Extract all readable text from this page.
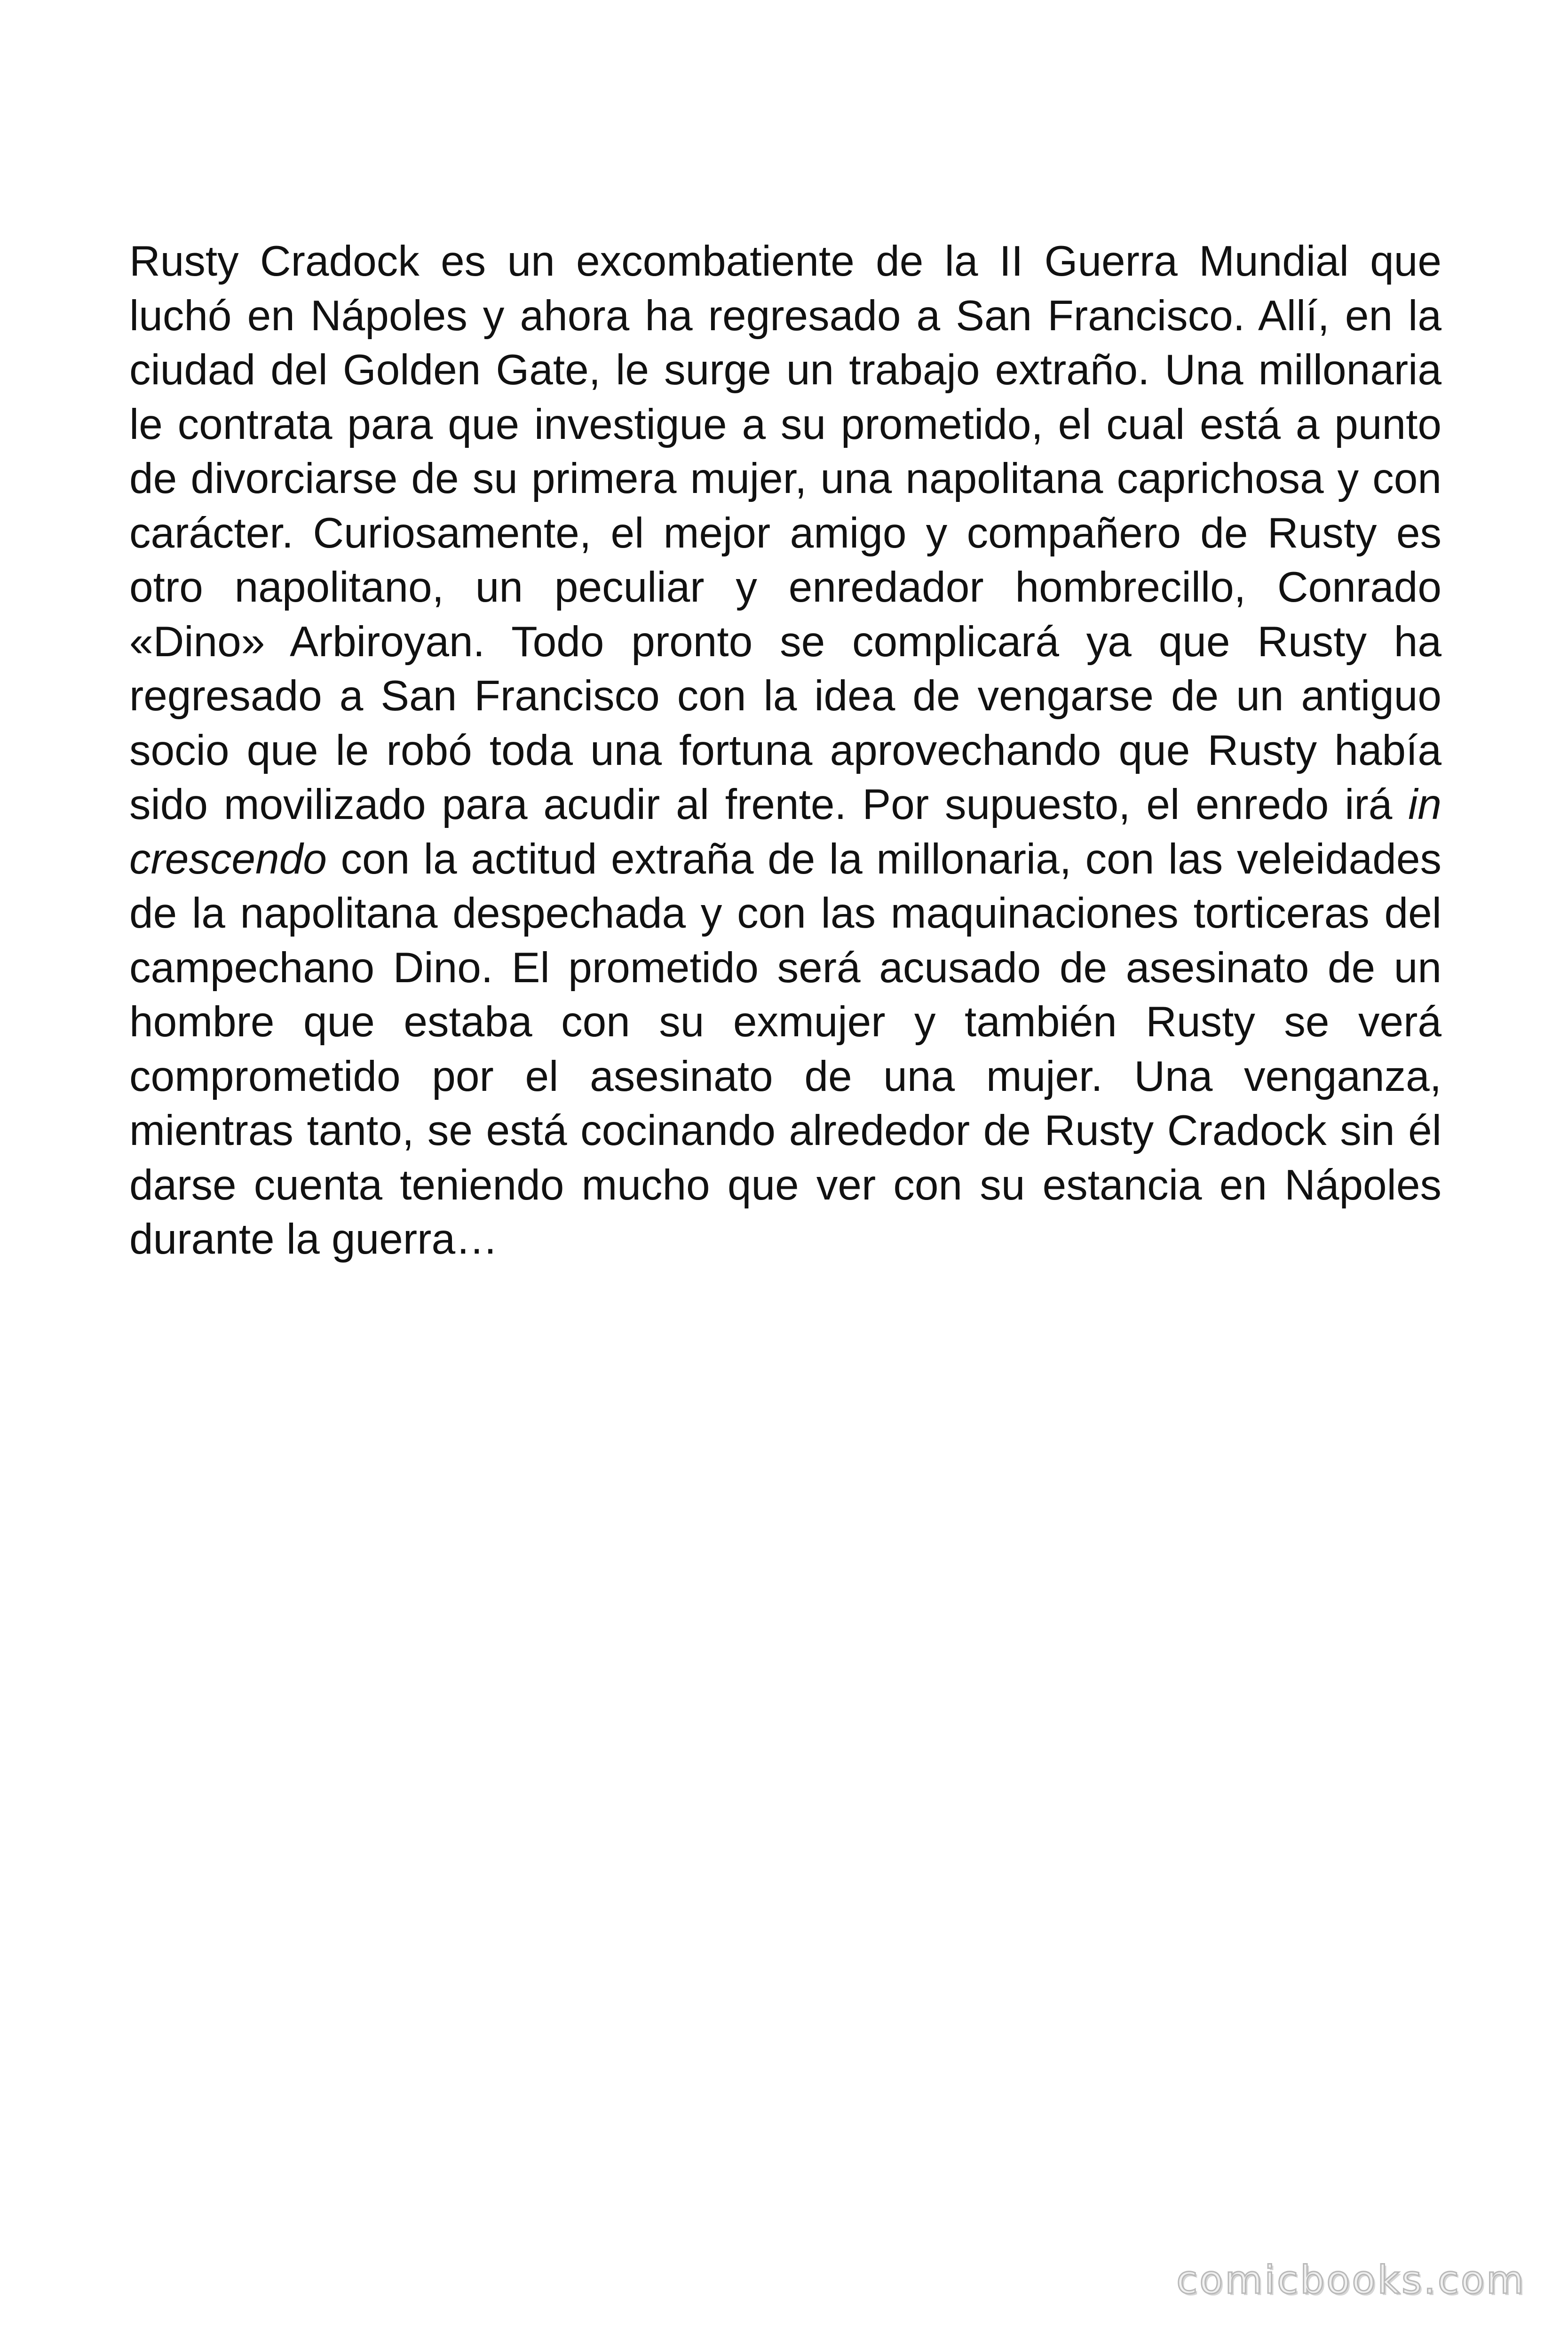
Rusty Cradock es un excombatiente de la II Guerra Mundial que luchó en Nápoles y ahora ha regresado a San Francisco. Allí, en la ciudad del Golden Gate, le surge un trabajo extraño. Una millonaria le contrata para que investigue a su prometido, el cual está a punto de divorciarse de su primera mujer, una napolitana caprichosa y con carácter. Curiosamente, el mejor amigo y compañero de Rusty es otro napolitano, un peculiar y enredador hombrecillo, Conrado «Dino» Arbiroyan. Todo pronto se complicará ya que Rusty ha regresado a San Francisco con la idea de vengarse de un antiguo socio que le robó toda una fortuna aprovechando que Rusty había sido movilizado para acudir al frente. Por supuesto, el enredo irá in crescendo con la actitud extraña de la millonaria, con las veleidades de la napolitana despechada y con las maquinaciones torticeras del campechano Dino. El prometido será acusado de asesinato de un hombre que estaba con su exmujer y también Rusty se verá comprometido por el asesinato de una mujer. Una venganza, mientras tanto, se está cocinando alrededor de Rusty Cradock sin él darse cuenta teniendo mucho que ver con su estancia en Nápoles durante la guerra…

comicbooks.com
